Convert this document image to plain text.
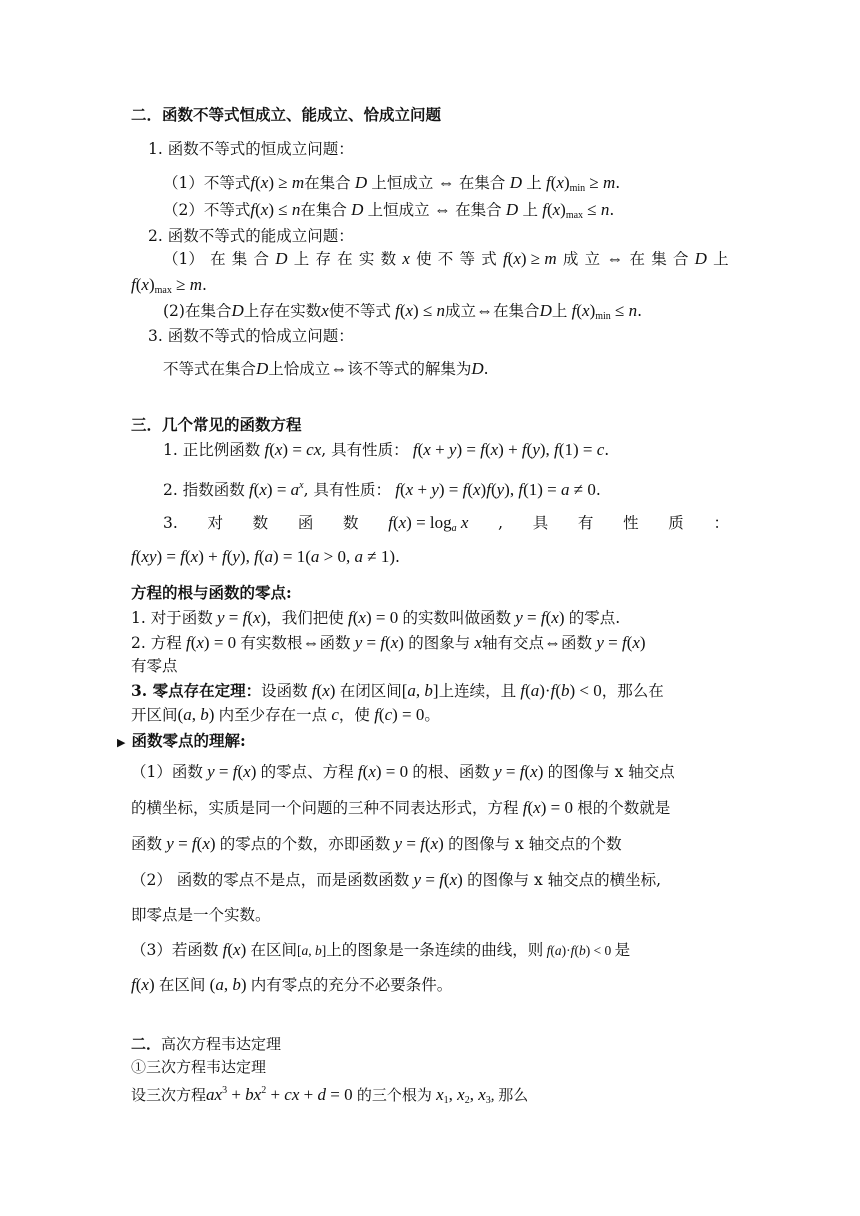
二．函数不等式恒成立、能成立、恰成立问题
1. 函数不等式的恒成立问题：
（1）不等式f(x) ≥ m在集合 D 上恒成立 ⇔ 在集合 D 上 $f(x)_{min} \ge m$.
（2）不等式f(x) ≤ n在集合 D 上恒成立 ⇔ 在集合 D 上 $f(x)_{max} \le n$.
2. 函数不等式的能成立问题：
（1） 在 集 合 D 上 存 在 实 数 x 使 不 等 式 f(x) ≥ m 成 立 ⇔ 在 集 合 D 上
$f(x)_{max} \ge m$.
(2)在集合D上存在实数x使不等式 f(x) ≤ n成立⇔在集合D上 $f(x)_{min} \le n$.
3. 函数不等式的恰成立问题：
不等式在集合D上恰成立⇔该不等式的解集为D.
三．几个常见的函数方程
1. 正比例函数 f(x) = cx, 具有性质： f(x + y) = f(x) + f(y), f(1) = c.
2. 指数函数 $f(x) = a^x$, 具有性质： f(x + y) = f(x)f(y), f(1) = a ≠ 0.
3. 对 数 函 数 $f(x) = \log_a x$ , 具 有 性 质 ：
f(xy) = f(x) + f(y), f(a) = 1(a > 0, a ≠ 1).
方程的根与函数的零点:
1. 对于函数 y = f(x)，我们把使 f(x) = 0 的实数叫做函数 y = f(x) 的零点.
2. 方程 f(x) = 0 有实数根⇔函数 y = f(x) 的图象与 x轴有交点⇔函数 y = f(x)
有零点
3. 零点存在定理：设函数 f(x) 在闭区间[a, b]上连续，且 f(a)·f(b) < 0，那么在
开区间(a, b) 内至少存在一点 c，使 f(c) = 0。
▶ 函数零点的理解:
（1）函数 y = f(x) 的零点、方程 f(x) = 0 的根、函数 y = f(x) 的图像与 x 轴交点
的横坐标，实质是同一个问题的三种不同表达形式，方程 f(x) = 0 根的个数就是
函数 y = f(x) 的零点的个数，亦即函数 y = f(x) 的图像与 x 轴交点的个数
（2） 函数的零点不是点，而是函数函数 y = f(x) 的图像与 x 轴交点的横坐标,
即零点是一个实数。
（3）若函数 f(x) 在区间[a, b]上的图象是一条连续的曲线，则 f(a)·f(b) < 0 是
f(x) 在区间 (a, b) 内有零点的充分不必要条件。
二．高次方程韦达定理
①三次方程韦达定理
设三次方程$ax^3 + bx^2$ + cx + d = 0 的三个根为 $x_1$, $x_2$, $x_3$, 那么
